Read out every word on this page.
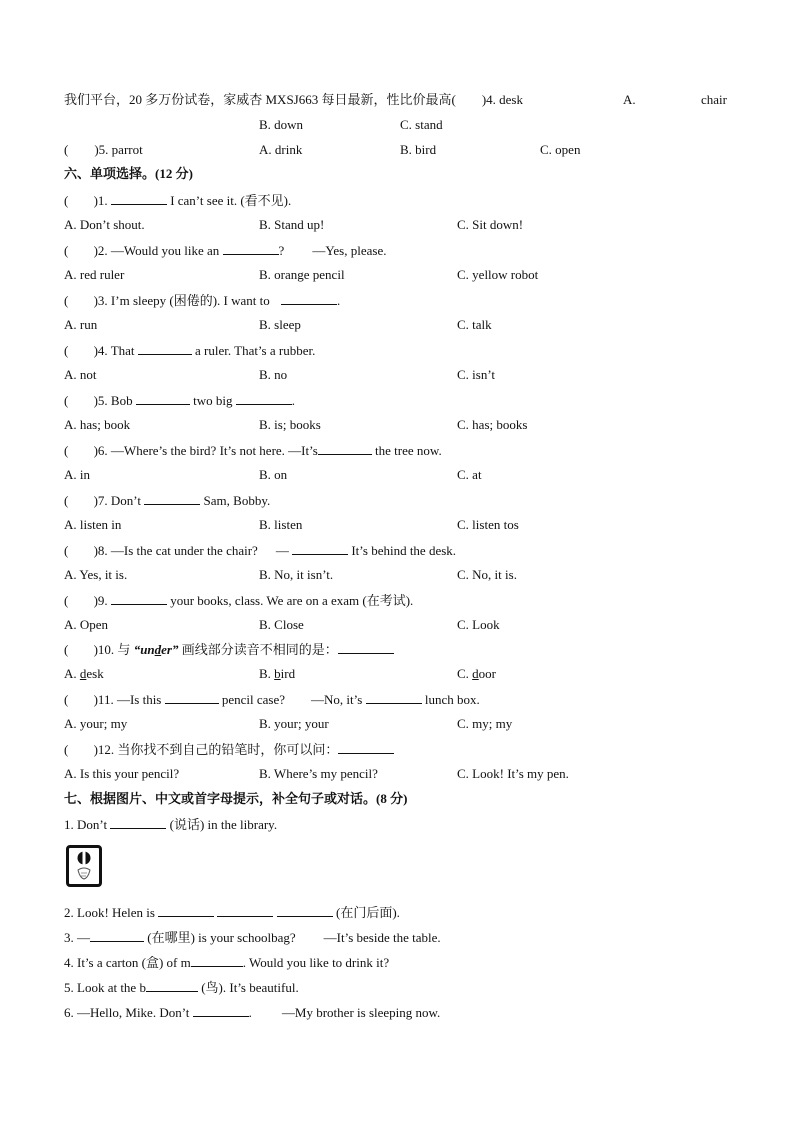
我们平台，20 多万份试卷，家威杏 MXSJ663 每日最新，性比价最高( )4. desk	A.	chair
B. down	C. stand
( )5. parrot	A. drink	B. bird	C. open
六、单项选择。(12 分)
( )1.	I can’t see it. (看不见).
A. Don’t shout.	B. Stand up!	C. Sit down!
( )2. —Would you like an	? —Yes, please.
A. red ruler	B. orange pencil	C. yellow robot
( )3. I’m sleepy (困倦的). I want to	.
A. run	B. sleep	C. talk
( )4. That	a ruler. That’s a rubber.
A. not	B. no	C. isn’t
( )5. Bob	two big	.
A. has; book	B. is; books	C. has; books
( )6. —Where’s the bird? It’s not here. —It’s	the tree now.
A. in	B. on	C. at
( )7. Don’t	Sam, Bobby.
A. listen in	B. listen	C. listen tos
( )8. —Is the cat under the chair? —	It’s behind the desk.
A. Yes, it is.	B. No, it isn’t.	C. No, it is.
( )9.	your books, class. We are on a exam (在考试).
A. Open	B. Close	C. Look
( )10. 与 “under” 画线部分读音不相同的是：
A. desk	B. bird	C. door
( )11. —Is this	pencil case? —No, it’s	lunch box.
A. your; my	B. your; your	C. my; my
( )12. 当你找不到自己的铅笔时，你可以问：
A. Is this your pencil?	B. Where’s my pencil?	C. Look! It’s my pen.
七、根据图片、中文或首字母提示，补全句子或对话。(8 分)
1. Don’t	(说话) in the library.
2. Look! Helen is	(在门后面).
3. —	(在哪里) is your schoolbag? —It’s beside the table.
4. It’s a carton (盒) of m	. Would you like to drink it?
5. Look at the b	(鸟). It’s beautiful.
6. —Hello, Mike. Don’t	. —My brother is sleeping now.
